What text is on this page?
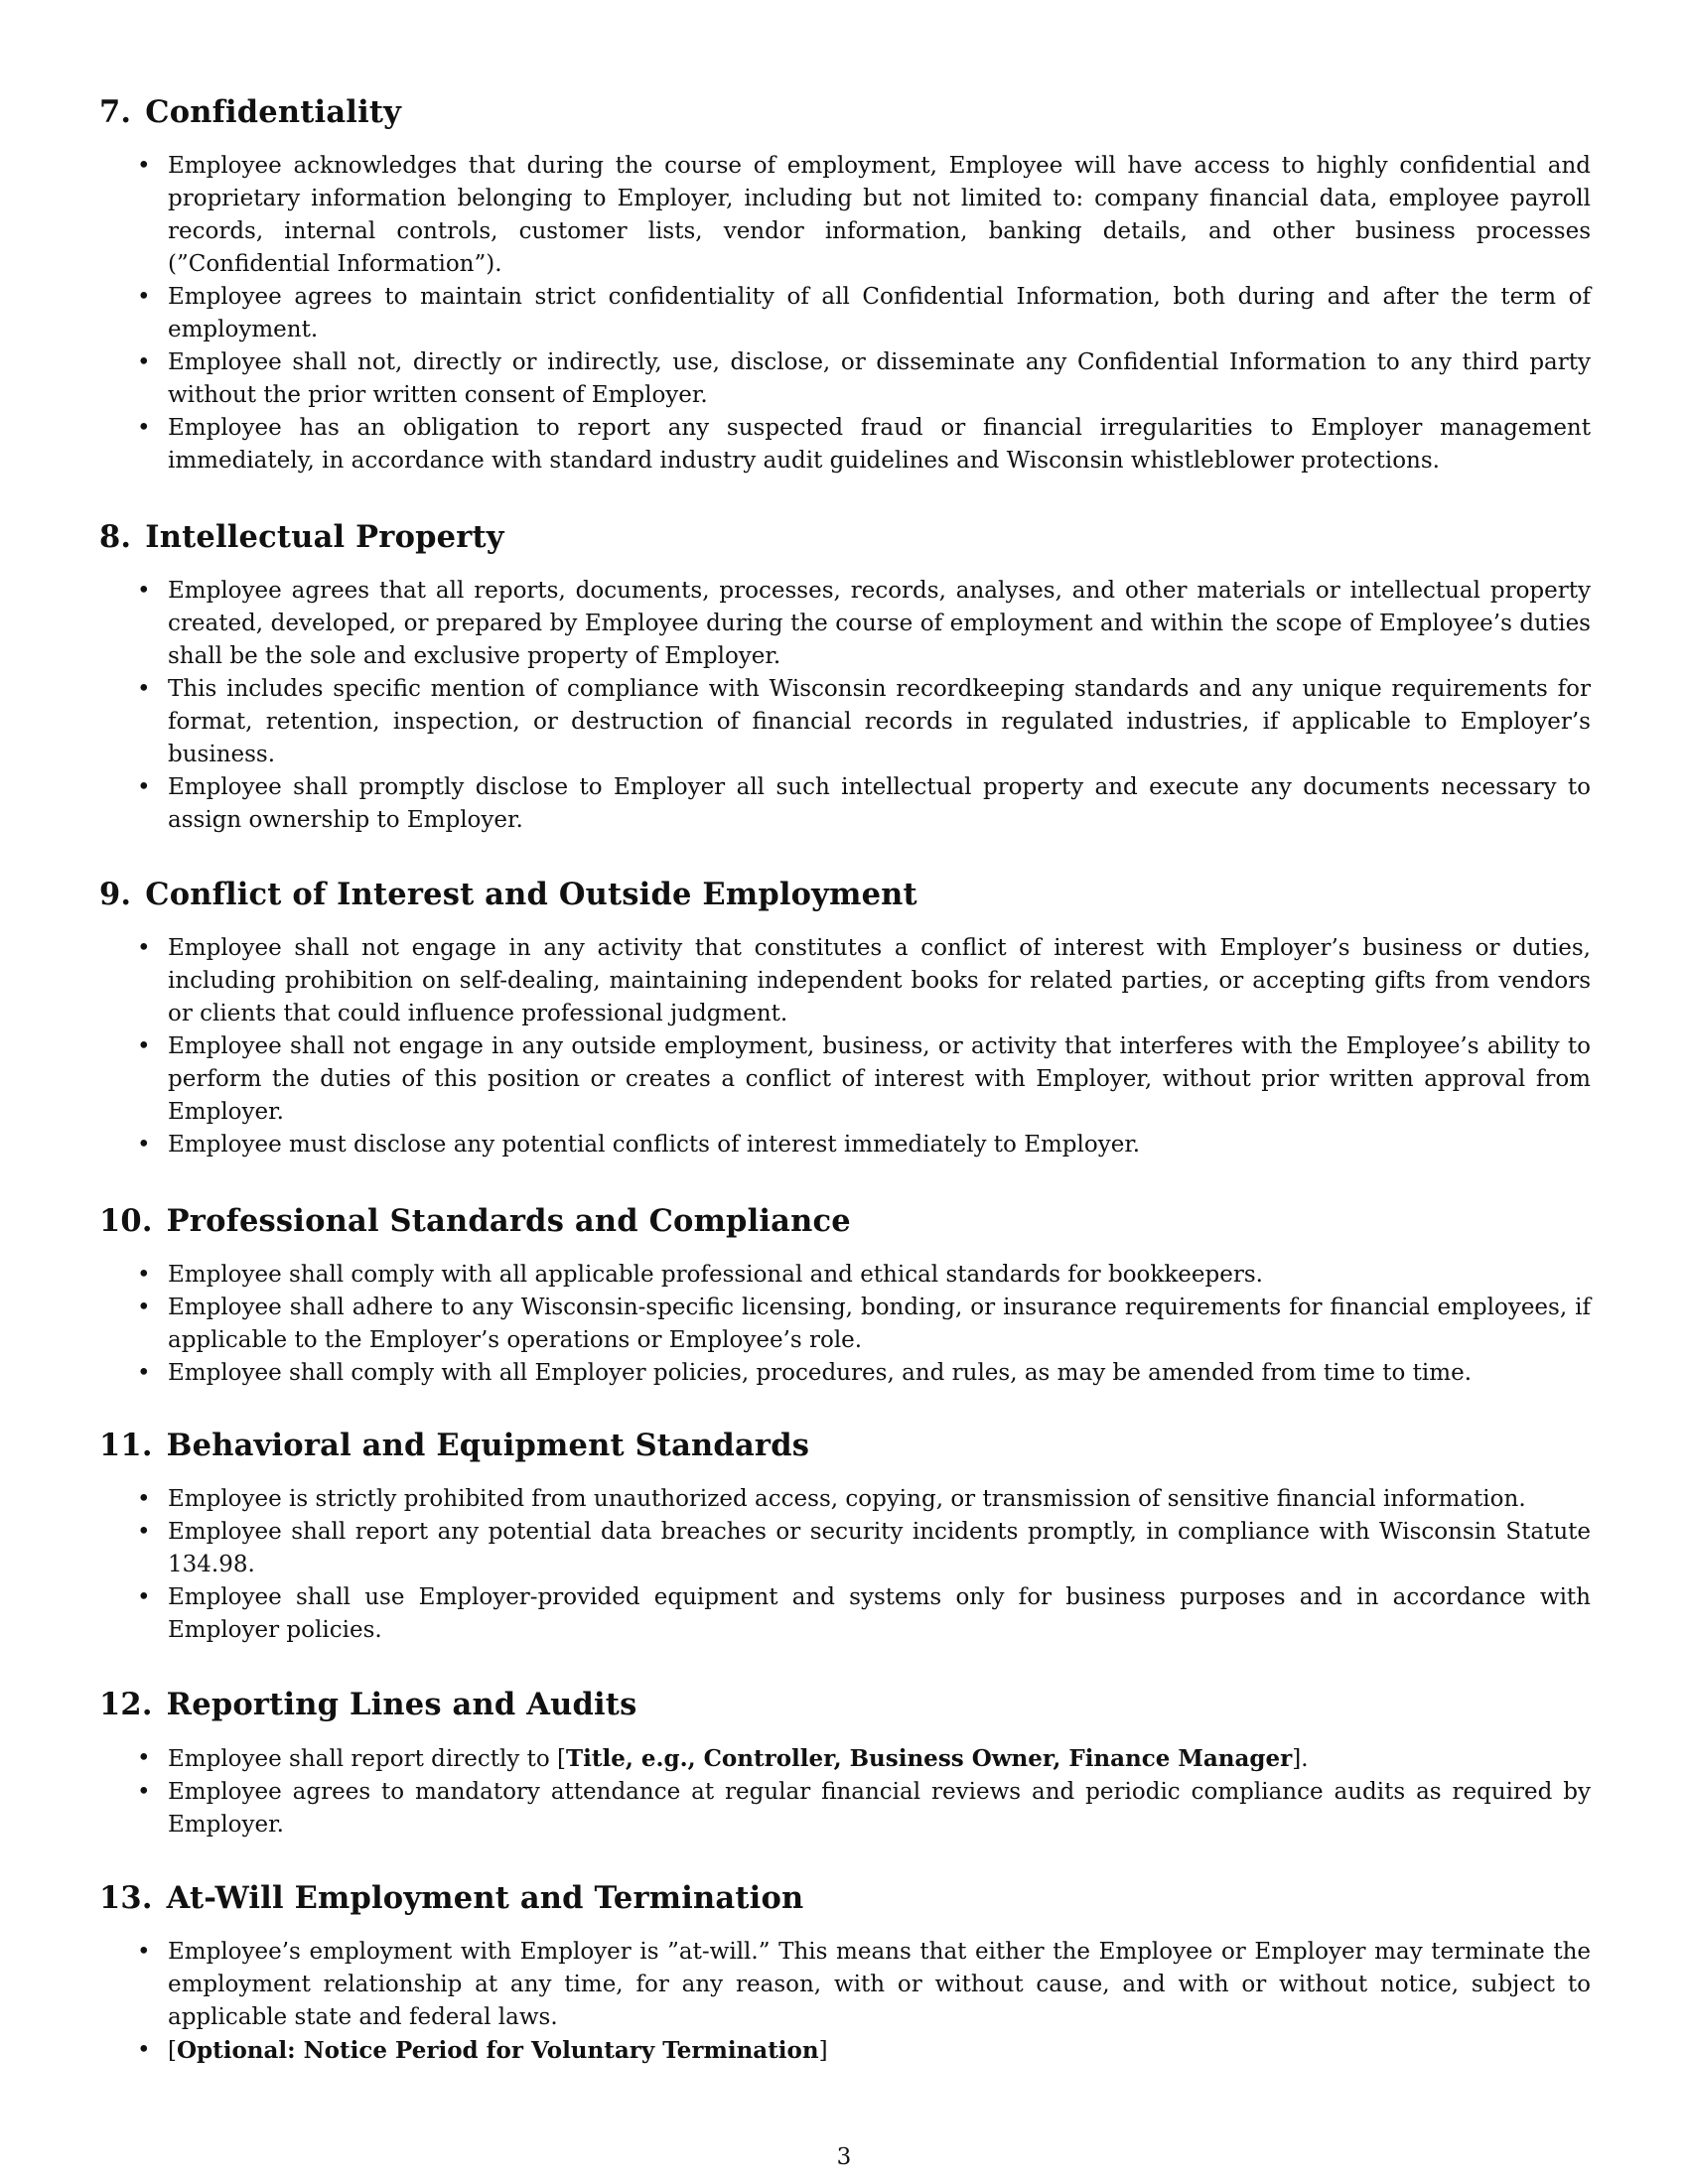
7. Confidentiality
• Employee acknowledges that during the course of employment, Employee will have access to highly confidential and proprietary information belonging to Employer, including but not limited to: company financial data, employee payroll records, internal controls, customer lists, vendor information, banking details, and other business processes (”Confidential Information”).
• Employee agrees to maintain strict confidentiality of all Confidential Information, both during and after the term of employment.
• Employee shall not, directly or indirectly, use, disclose, or disseminate any Confidential Information to any third party without the prior written consent of Employer.
• Employee has an obligation to report any suspected fraud or financial irregularities to Employer management immediately, in accordance with standard industry audit guidelines and Wisconsin whistleblower protections.
8. Intellectual Property
• Employee agrees that all reports, documents, processes, records, analyses, and other materials or intellectual property created, developed, or prepared by Employee during the course of employment and within the scope of Employee’s duties shall be the sole and exclusive property of Employer.
• This includes specific mention of compliance with Wisconsin recordkeeping standards and any unique requirements for format, retention, inspection, or destruction of financial records in regulated industries, if applicable to Employer’s business.
• Employee shall promptly disclose to Employer all such intellectual property and execute any documents necessary to assign ownership to Employer.
9. Conflict of Interest and Outside Employment
• Employee shall not engage in any activity that constitutes a conflict of interest with Employer’s business or duties, including prohibition on self-dealing, maintaining independent books for related parties, or accepting gifts from vendors or clients that could influence professional judgment.
• Employee shall not engage in any outside employment, business, or activity that interferes with the Employee’s ability to perform the duties of this position or creates a conflict of interest with Employer, without prior written approval from Employer.
• Employee must disclose any potential conflicts of interest immediately to Employer.
10. Professional Standards and Compliance
• Employee shall comply with all applicable professional and ethical standards for bookkeepers.
• Employee shall adhere to any Wisconsin-specific licensing, bonding, or insurance requirements for financial employees, if applicable to the Employer’s operations or Employee’s role.
• Employee shall comply with all Employer policies, procedures, and rules, as may be amended from time to time.
11. Behavioral and Equipment Standards
• Employee is strictly prohibited from unauthorized access, copying, or transmission of sensitive financial information.
• Employee shall report any potential data breaches or security incidents promptly, in compliance with Wisconsin Statute 134.98.
• Employee shall use Employer-provided equipment and systems only for business purposes and in accordance with Employer policies.
12. Reporting Lines and Audits
• Employee shall report directly to [Title, e.g., Controller, Business Owner, Finance Manager].
• Employee agrees to mandatory attendance at regular financial reviews and periodic compliance audits as required by Employer.
13. At-Will Employment and Termination
• Employee’s employment with Employer is ”at-will.” This means that either the Employee or Employer may terminate the employment relationship at any time, for any reason, with or without cause, and with or without notice, subject to applicable state and federal laws.
• [Optional: Notice Period for Voluntary Termination]
3
